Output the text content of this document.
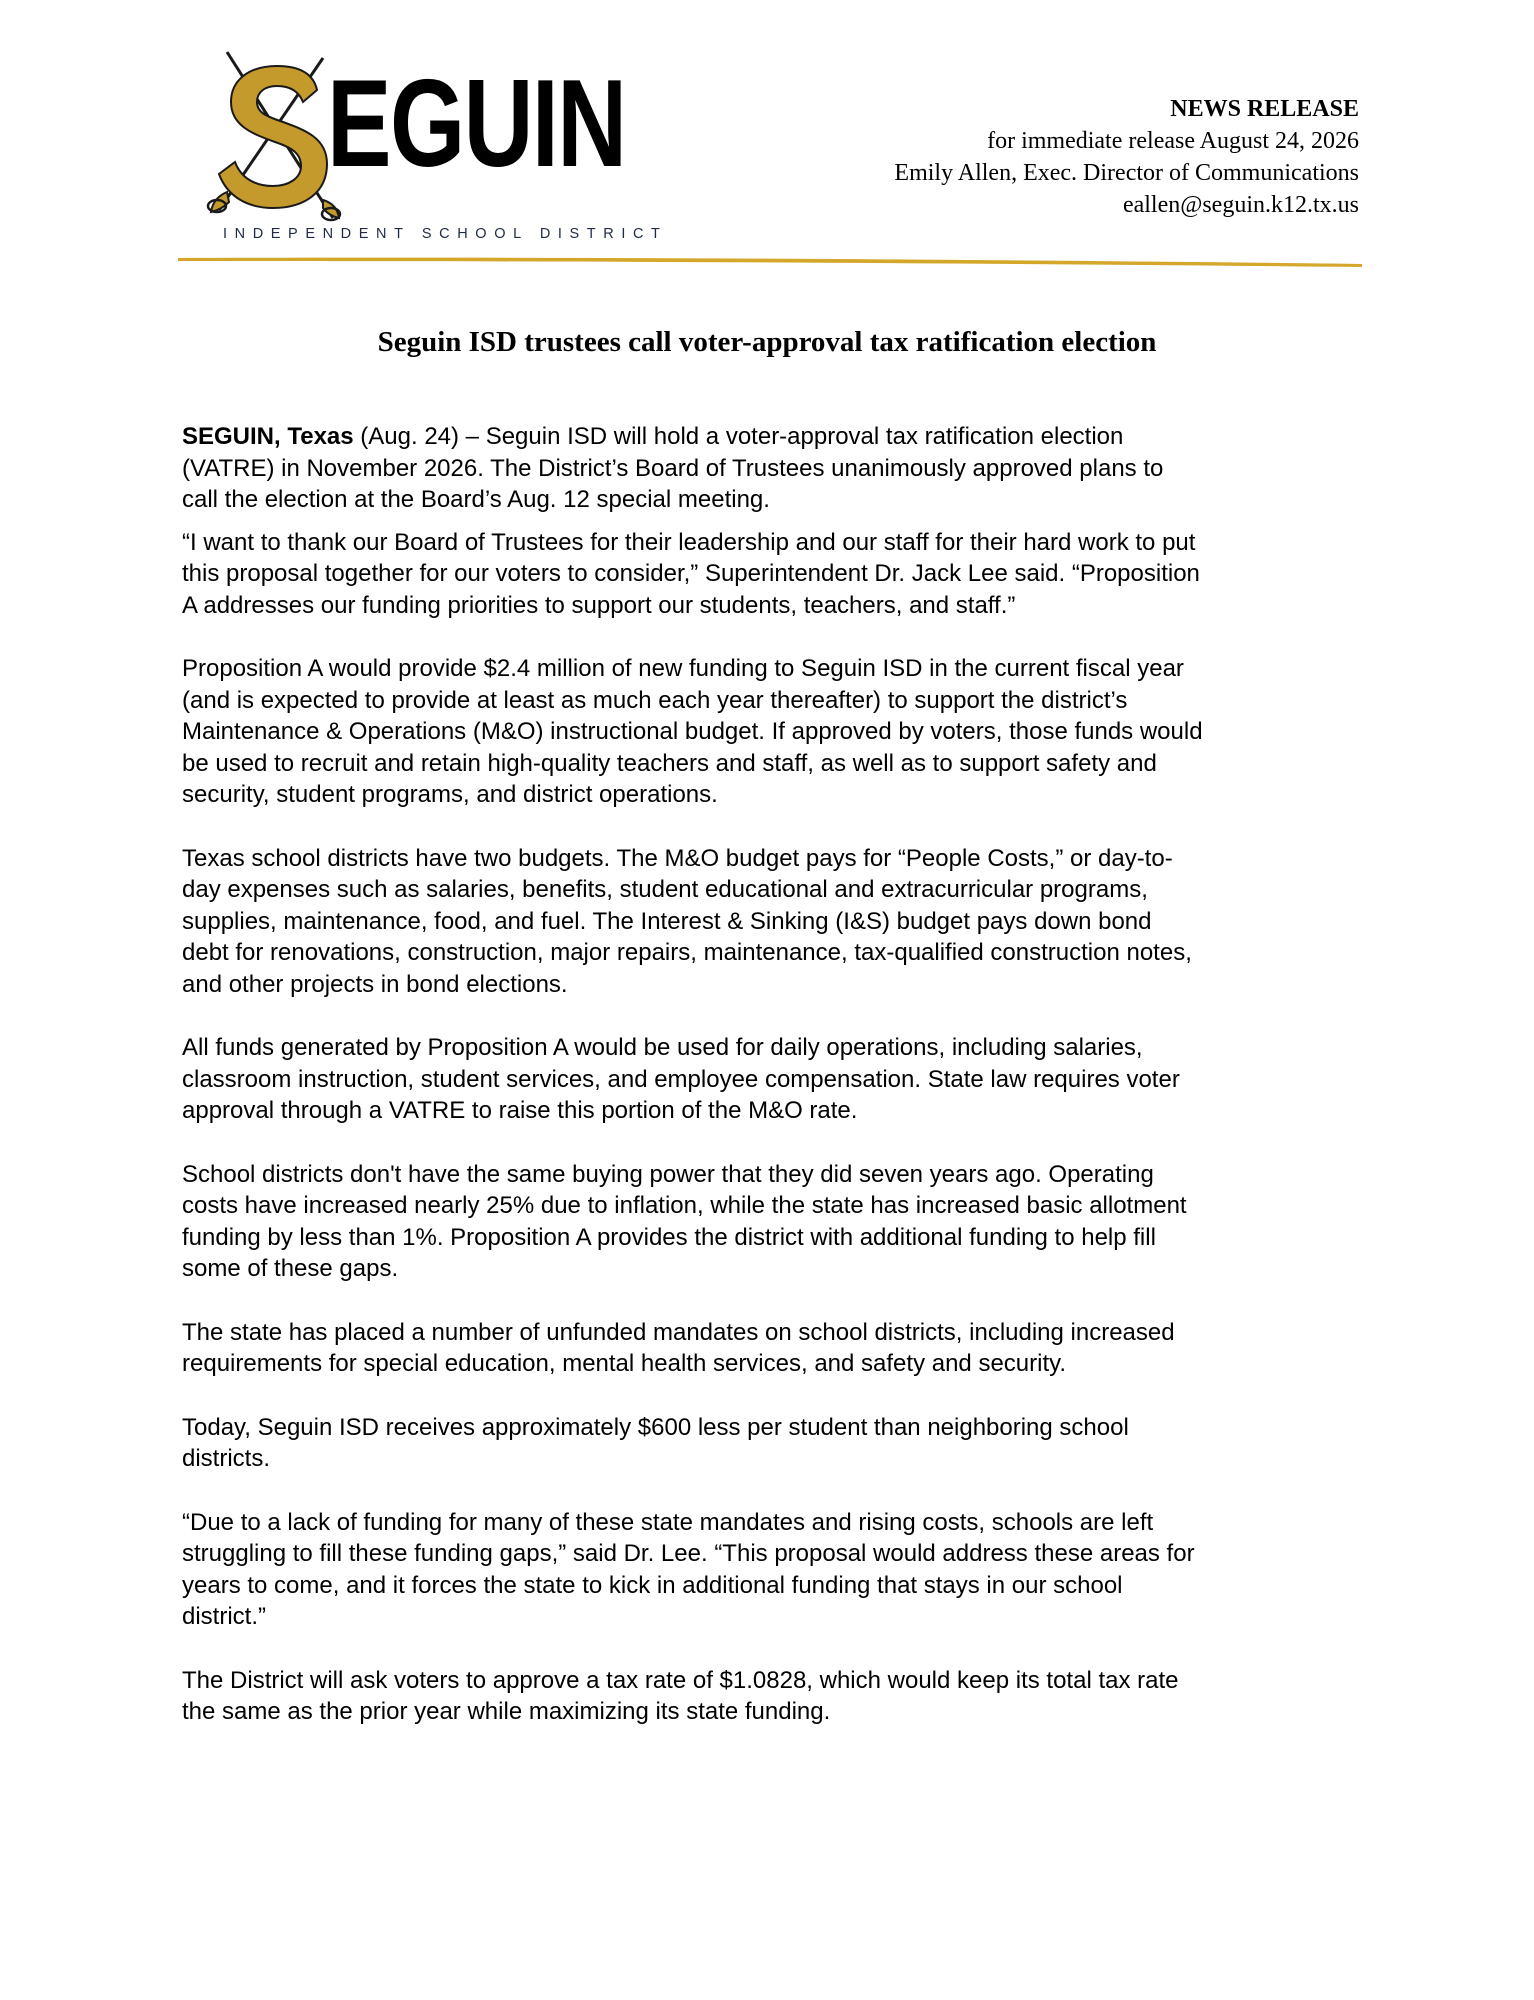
EGUIN
INDEPENDENT SCHOOL DISTRICT
NEWS RELEASE
for immediate release August 24, 2026
Emily Allen, Exec. Director of Communications
eallen@seguin.k12.tx.us
Seguin ISD trustees call voter-approval tax ratification election

SEGUIN, Texas (Aug. 24) – Seguin ISD will hold a voter-approval tax ratification election
(VATRE) in November 2026. The District’s Board of Trustees unanimously approved plans to
call the election at the Board’s Aug. 12 special meeting.

“I want to thank our Board of Trustees for their leadership and our staff for their hard work to put
this proposal together for our voters to consider,” Superintendent Dr. Jack Lee said. “Proposition
A addresses our funding priorities to support our students, teachers, and staff.”

Proposition A would provide $2.4 million of new funding to Seguin ISD in the current fiscal year
(and is expected to provide at least as much each year thereafter) to support the district’s
Maintenance & Operations (M&O) instructional budget. If approved by voters, those funds would
be used to recruit and retain high-quality teachers and staff, as well as to support safety and
security, student programs, and district operations.

Texas school districts have two budgets. The M&O budget pays for “People Costs,” or day-to-
day expenses such as salaries, benefits, student educational and extracurricular programs,
supplies, maintenance, food, and fuel. The Interest & Sinking (I&S) budget pays down bond
debt for renovations, construction, major repairs, maintenance, tax-qualified construction notes,
and other projects in bond elections.

All funds generated by Proposition A would be used for daily operations, including salaries,
classroom instruction, student services, and employee compensation. State law requires voter
approval through a VATRE to raise this portion of the M&O rate.

School districts don't have the same buying power that they did seven years ago. Operating
costs have increased nearly 25% due to inflation, while the state has increased basic allotment
funding by less than 1%. Proposition A provides the district with additional funding to help fill
some of these gaps.

The state has placed a number of unfunded mandates on school districts, including increased
requirements for special education, mental health services, and safety and security.

Today, Seguin ISD receives approximately $600 less per student than neighboring school
districts.

“Due to a lack of funding for many of these state mandates and rising costs, schools are left
struggling to fill these funding gaps,” said Dr. Lee. “This proposal would address these areas for
years to come, and it forces the state to kick in additional funding that stays in our school
district.”

The District will ask voters to approve a tax rate of $1.0828, which would keep its total tax rate
the same as the prior year while maximizing its state funding.
